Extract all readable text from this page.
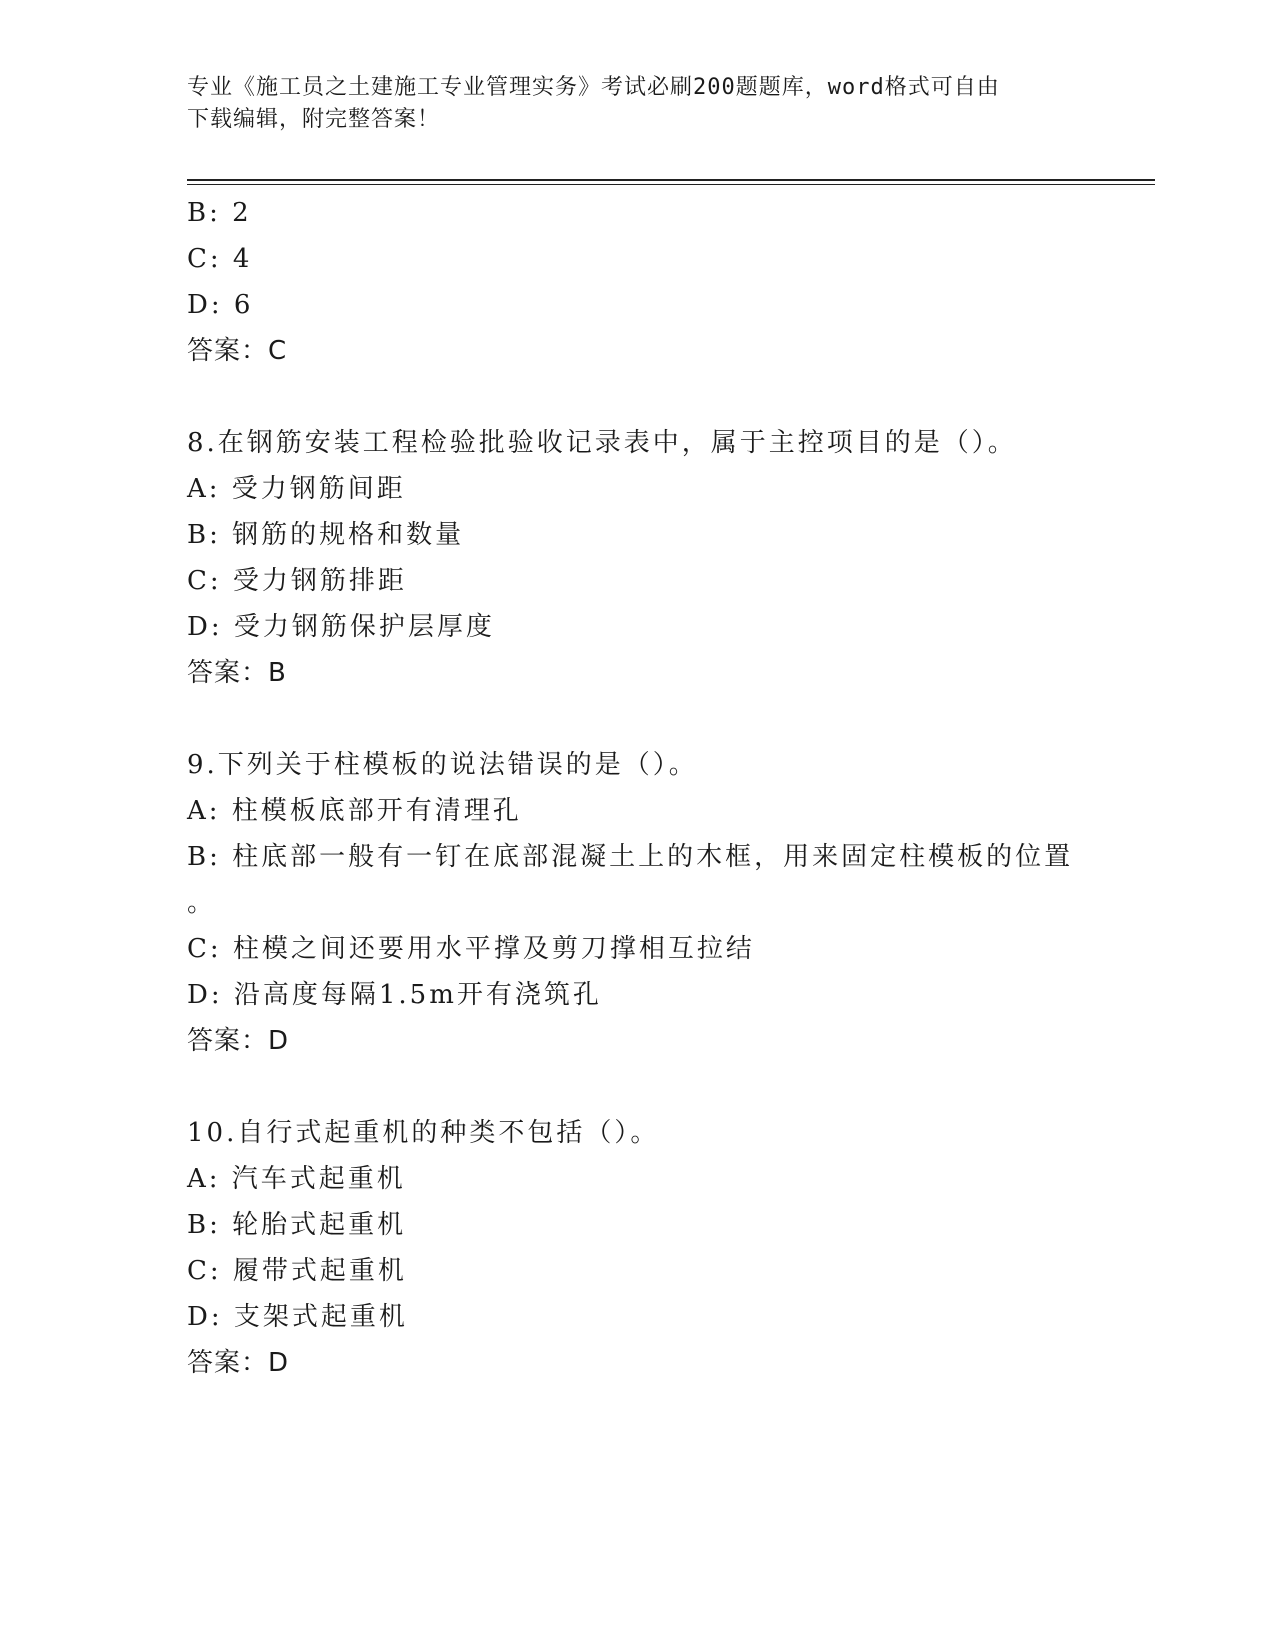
专业《施工员之土建施工专业管理实务》考试必刷200题题库，word格式可自由
下载编辑，附完整答案！
B: 2
C: 4
D: 6
答案：C
8.在钢筋安装工程检验批验收记录表中，属于主控项目的是（）。
A: 受力钢筋间距
B: 钢筋的规格和数量
C: 受力钢筋排距
D: 受力钢筋保护层厚度
答案：B
9.下列关于柱模板的说法错误的是（）。
A: 柱模板底部开有清理孔
B: 柱底部一般有一钉在底部混凝土上的木框，用来固定柱模板的位置
。
C: 柱模之间还要用水平撑及剪刀撑相互拉结
D: 沿高度每隔1.5m开有浇筑孔
答案：D
10.自行式起重机的种类不包括（）。
A: 汽车式起重机
B: 轮胎式起重机
C: 履带式起重机
D: 支架式起重机
答案：D
